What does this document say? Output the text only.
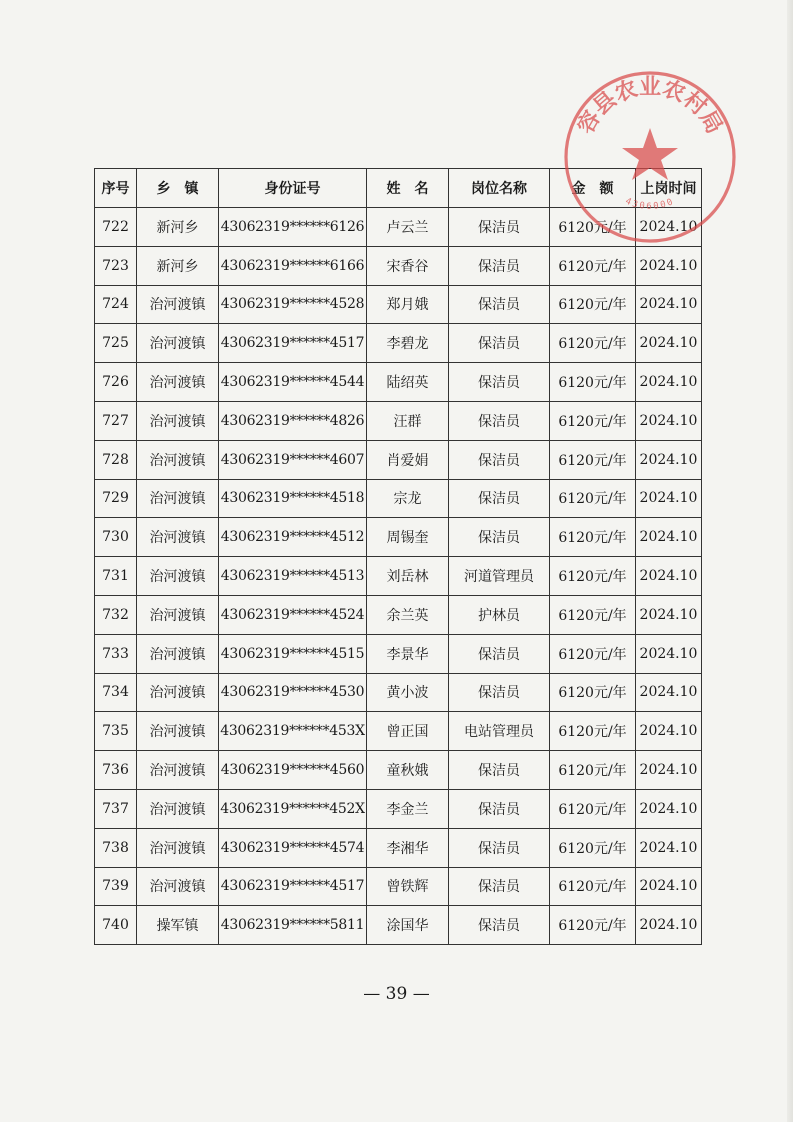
序号	乡　镇	身份证号	姓　名	岗位名称	金　额	上岗时间
722	新河乡	43062319******6126	卢云兰	保洁员	6120元/年	2024.10
723	新河乡	43062319******6166	宋香谷	保洁员	6120元/年	2024.10
724	治河渡镇	43062319******4528	郑月娥	保洁员	6120元/年	2024.10
725	治河渡镇	43062319******4517	李碧龙	保洁员	6120元/年	2024.10
726	治河渡镇	43062319******4544	陆绍英	保洁员	6120元/年	2024.10
727	治河渡镇	43062319******4826	汪群	保洁员	6120元/年	2024.10
728	治河渡镇	43062319******4607	肖爱娟	保洁员	6120元/年	2024.10
729	治河渡镇	43062319******4518	宗龙	保洁员	6120元/年	2024.10
730	治河渡镇	43062319******4512	周锡奎	保洁员	6120元/年	2024.10
731	治河渡镇	43062319******4513	刘岳林	河道管理员	6120元/年	2024.10
732	治河渡镇	43062319******4524	余兰英	护林员	6120元/年	2024.10
733	治河渡镇	43062319******4515	李景华	保洁员	6120元/年	2024.10
734	治河渡镇	43062319******4530	黄小波	保洁员	6120元/年	2024.10
735	治河渡镇	43062319******453X	曾正国	电站管理员	6120元/年	2024.10
736	治河渡镇	43062319******4560	童秋娥	保洁员	6120元/年	2024.10
737	治河渡镇	43062319******452X	李金兰	保洁员	6120元/年	2024.10
738	治河渡镇	43062319******4574	李湘华	保洁员	6120元/年	2024.10
739	治河渡镇	43062319******4517	曾铁辉	保洁员	6120元/年	2024.10
740	操军镇	43062319******5811	涂国华	保洁员	6120元/年	2024.10
— 39 —
容县农业农村局
4306000
